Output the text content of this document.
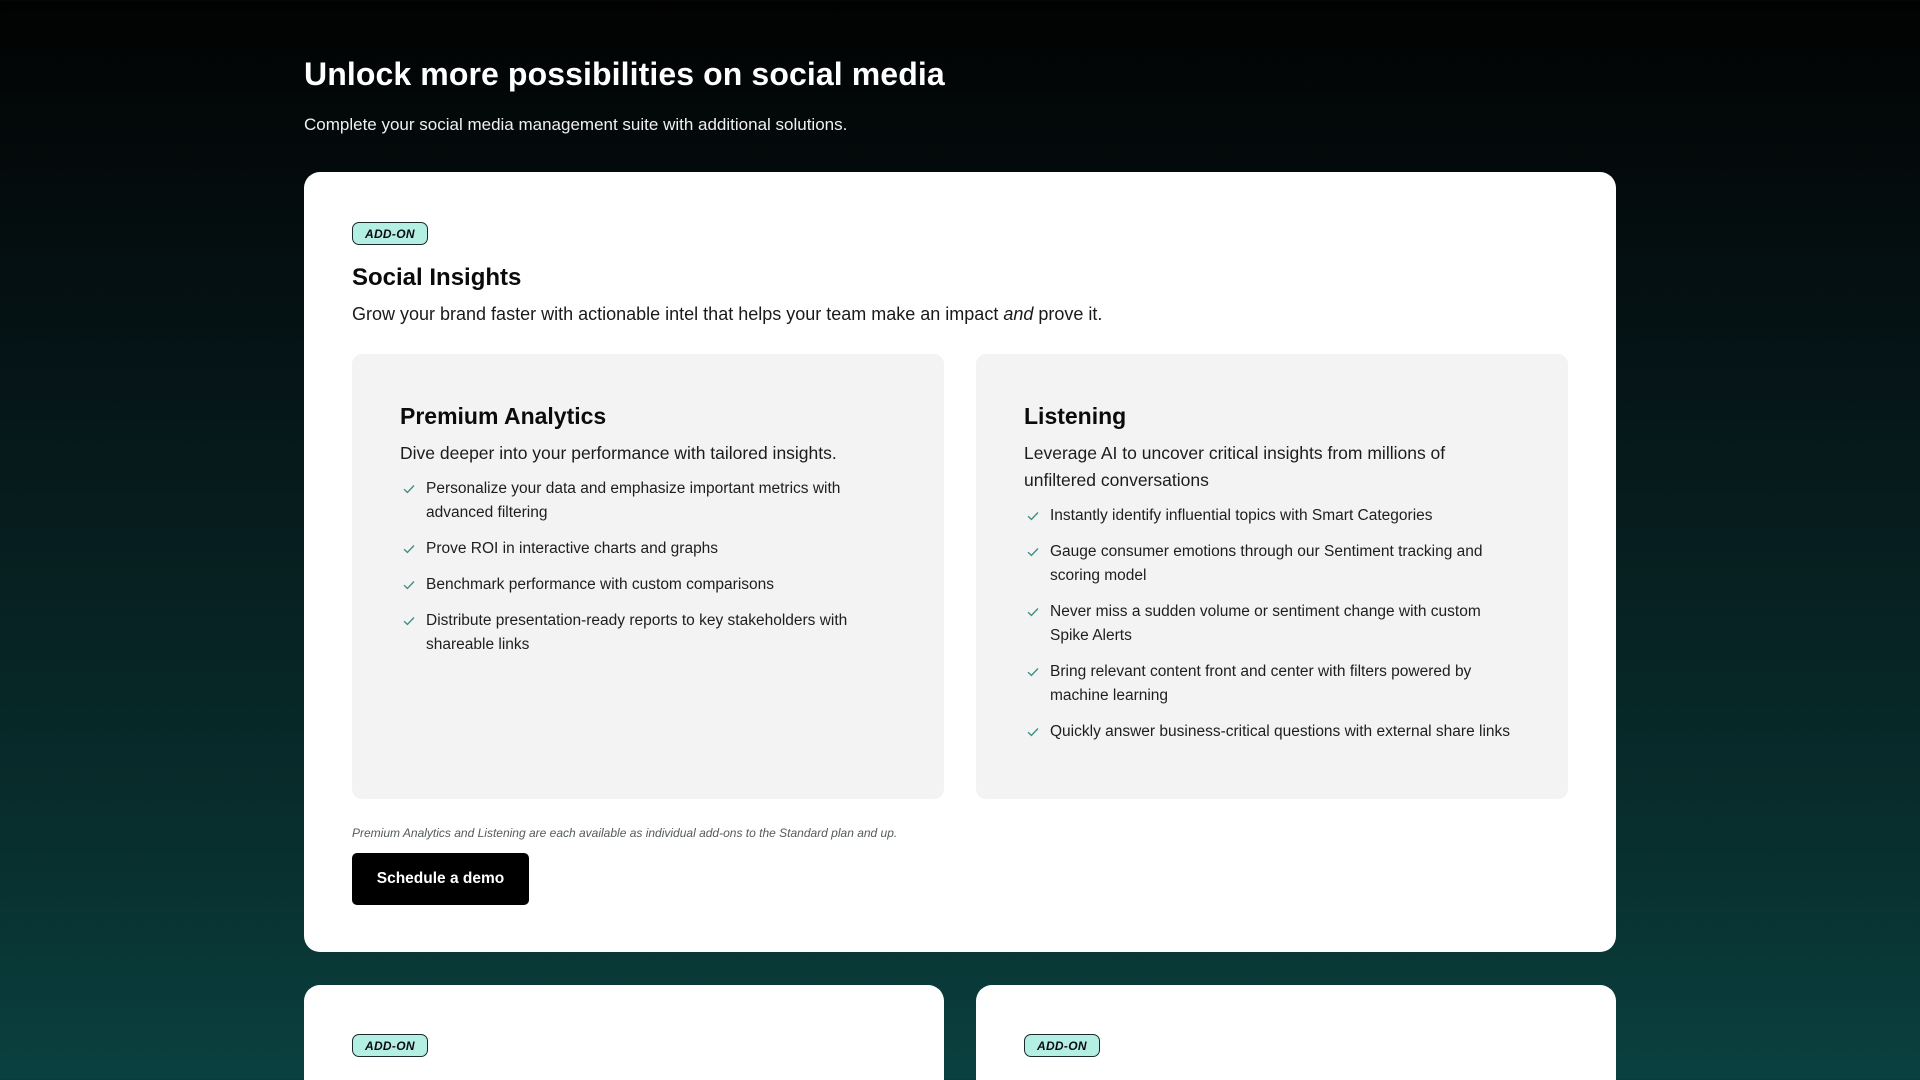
Unlock more possibilities on social media

Complete your social media management suite with additional solutions.

ADD-ON
Social Insights

Grow your brand faster with actionable intel that helps your team make an impact and prove it.

Premium Analytics

Dive deeper into your performance with tailored insights.

Personalize your data and emphasize important metrics with advanced filtering
Prove ROI in interactive charts and graphs
Benchmark performance with custom comparisons
Distribute presentation-ready reports to key stakeholders with shareable links
Listening

Leverage AI to uncover critical insights from millions of unfiltered conversations

Instantly identify influential topics with Smart Categories
Gauge consumer emotions through our Sentiment tracking and scoring model
Never miss a sudden volume or sentiment change with custom Spike Alerts
Bring relevant content front and center with filters powered by machine learning
Quickly answer business-critical questions with external share links

Premium Analytics and Listening are each available as individual add-ons to the Standard plan and up.

Schedule a demo
ADD-ON	ADD-ON
